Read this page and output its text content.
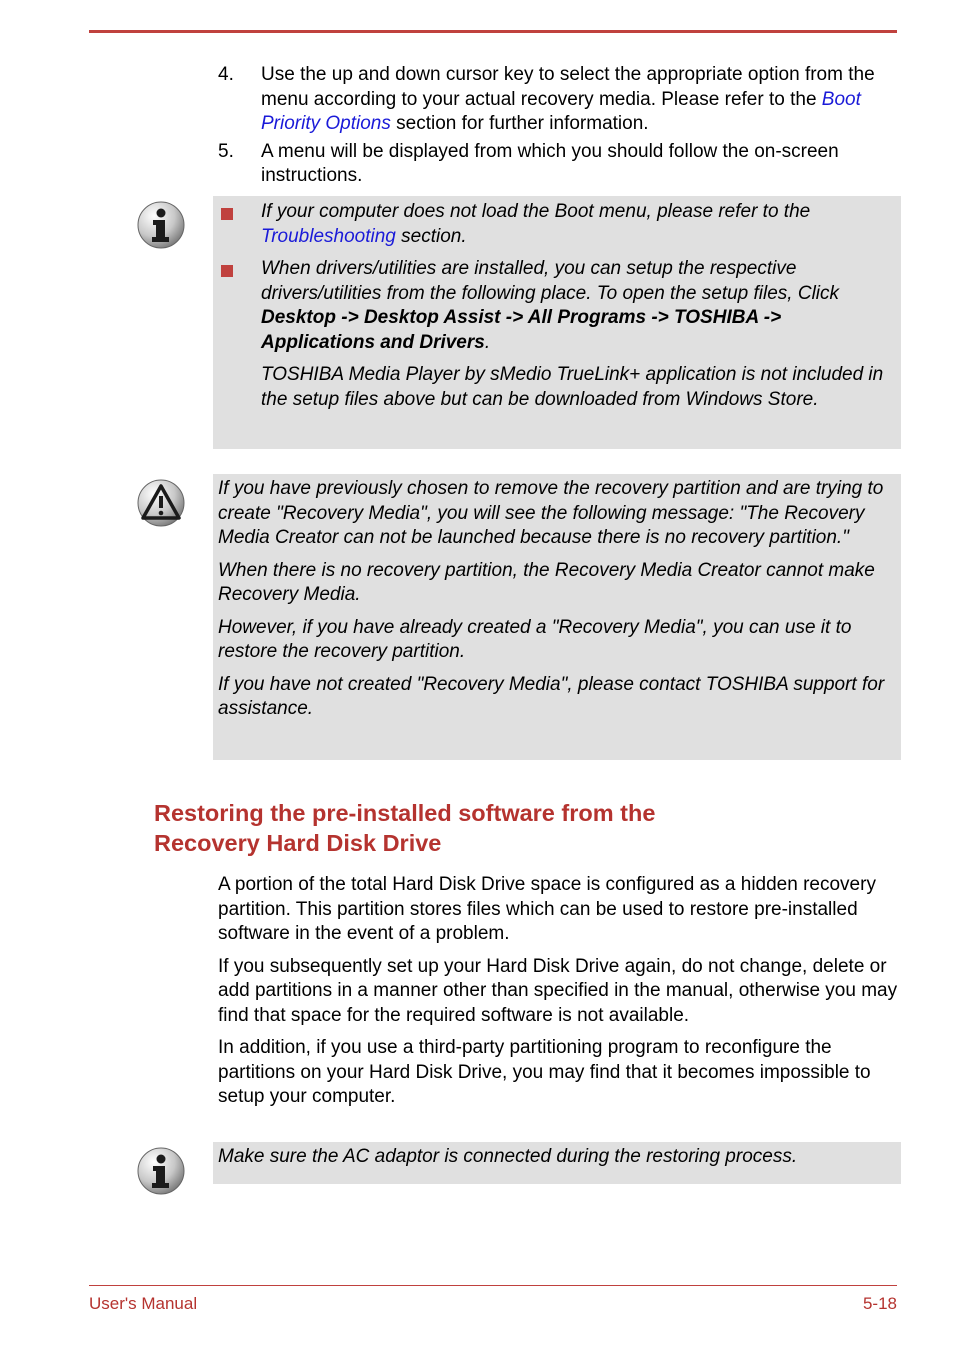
4.	Use the up and down cursor key to select the appropriate option from the menu according to your actual recovery media. Please refer to the Boot Priority Options section for further information.
5.	A menu will be displayed from which you should follow the on-screen instructions.
If your computer does not load the Boot menu, please refer to the Troubleshooting section.
When drivers/utilities are installed, you can setup the respective drivers/utilities from the following place. To open the setup files, Click Desktop -> Desktop Assist -> All Programs -> TOSHIBA -> Applications and Drivers.
TOSHIBA Media Player by sMedio TrueLink+ application is not included in the setup files above but can be downloaded from Windows Store.

If you have previously chosen to remove the recovery partition and are trying to create "Recovery Media", you will see the following message: "The Recovery Media Creator can not be launched because there is no recovery partition."

When there is no recovery partition, the Recovery Media Creator cannot make Recovery Media.

However, if you have already created a "Recovery Media", you can use it to restore the recovery partition.

If you have not created "Recovery Media", please contact TOSHIBA support for assistance.

Restoring the pre-installed software from the
Recovery Hard Disk Drive

A portion of the total Hard Disk Drive space is configured as a hidden recovery partition. This partition stores files which can be used to restore pre-installed software in the event of a problem.

If you subsequently set up your Hard Disk Drive again, do not change, delete or add partitions in a manner other than specified in the manual, otherwise you may find that space for the required software is not available.

In addition, if you use a third-party partitioning program to reconfigure the partitions on your Hard Disk Drive, you may find that it becomes impossible to setup your computer.

Make sure the AC adaptor is connected during the restoring process.

User's Manual	5-18
